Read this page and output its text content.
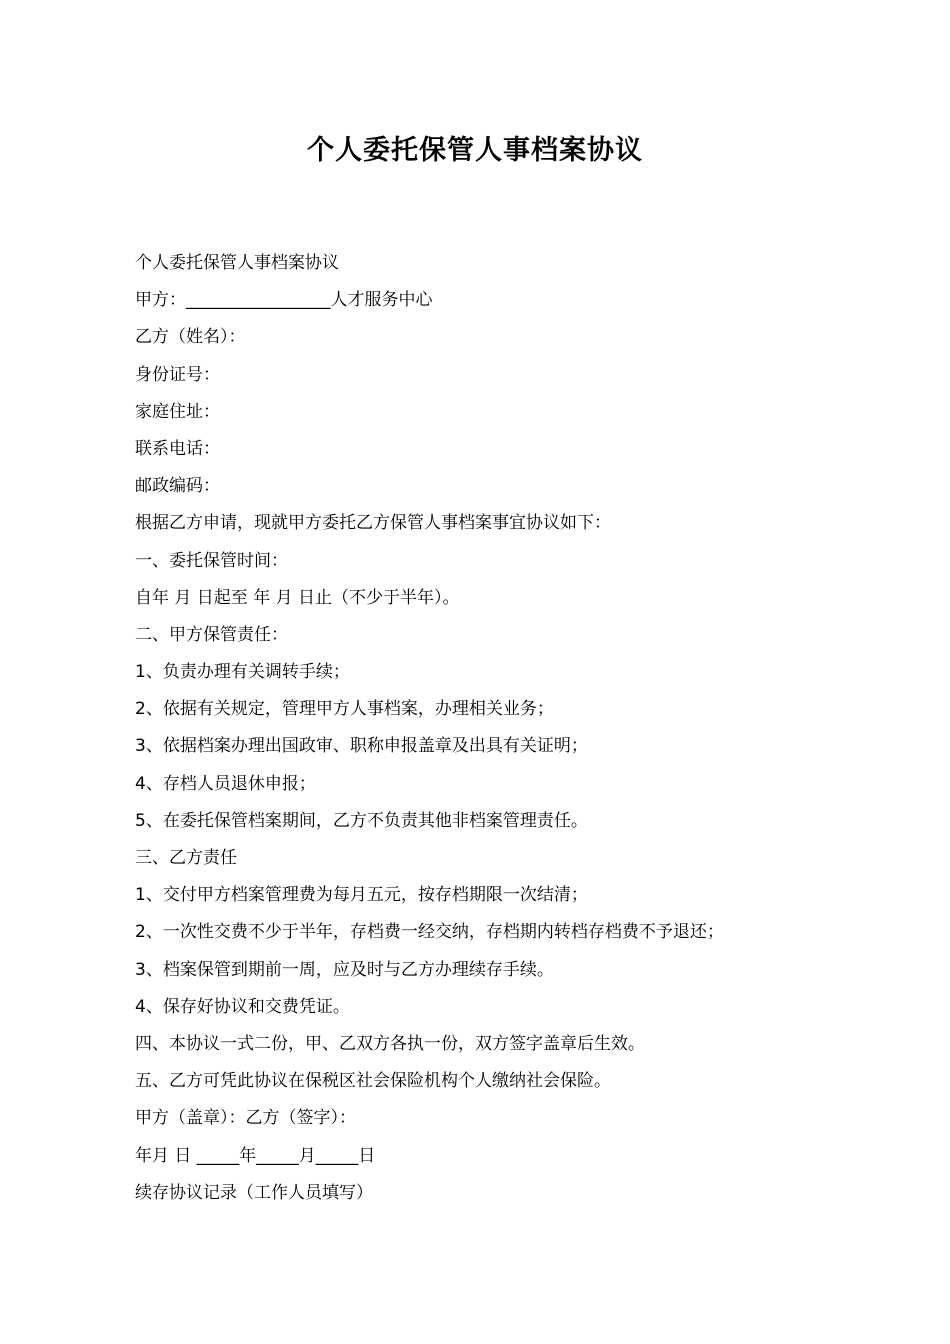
个人委托保管人事档案协议
个人委托保管人事档案协议
甲方：_________________人才服务中心
乙方（姓名）：
身份证号：
家庭住址：
联系电话：
邮政编码：
根据乙方申请，现就甲方委托乙方保管人事档案事宜协议如下：
一、委托保管时间：
自年 月 日起至 年 月 日止（不少于半年）。
二、甲方保管责任：
1、负责办理有关调转手续；
2、依据有关规定，管理甲方人事档案，办理相关业务；
3、依据档案办理出国政审、职称申报盖章及出具有关证明；
4、存档人员退休申报；
5、在委托保管档案期间，乙方不负责其他非档案管理责任。
三、乙方责任
1、交付甲方档案管理费为每月五元，按存档期限一次结清；
2、一次性交费不少于半年，存档费一经交纳，存档期内转档存档费不予退还；
3、档案保管到期前一周，应及时与乙方办理续存手续。
4、保存好协议和交费凭证。
四、本协议一式二份，甲、乙双方各执一份，双方签字盖章后生效。
五、乙方可凭此协议在保税区社会保险机构个人缴纳社会保险。
甲方（盖章）：乙方（签字）：
年月 日 _____年_____月_____日
续存协议记录（工作人员填写）
